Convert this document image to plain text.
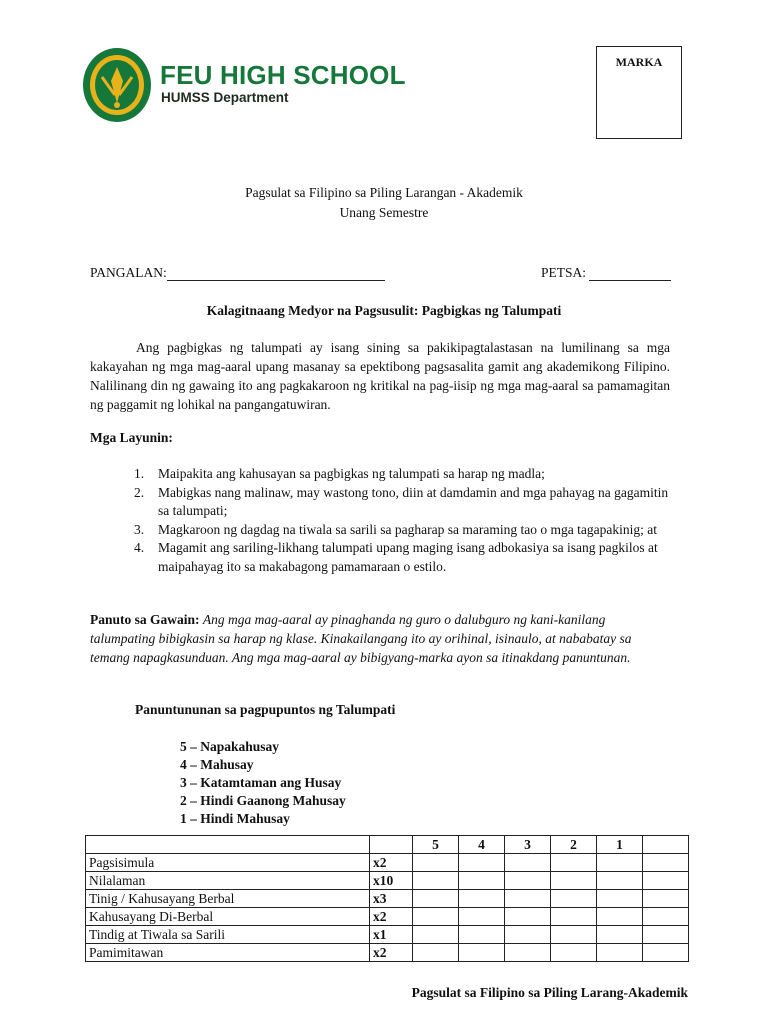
FEU HIGH SCHOOL
HUMSS Department
MARKA
Pagsulat sa Filipino sa Piling Larangan - Akademik
Unang Semestre
PANGALAN:	PETSA:
Kalagitnaang Medyor na Pagsusulit: Pagbigkas ng Talumpati
Ang pagbigkas ng talumpati ay isang sining sa pakikipagtalastasan na lumilinang sa mga kakayahan ng mga mag-aaral upang masanay sa epektibong pagsasalita gamit ang akademikong Filipino. Nalilinang din ng gawaing ito ang pagkakaroon ng kritikal na pag-iisip ng mga mag-aaral sa pamamagitan ng paggamit ng lohikal na pangangatuwiran.
Mga Layunin:
1. Maipakita ang kahusayan sa pagbigkas ng talumpati sa harap ng madla;
2. Mabigkas nang malinaw, may wastong tono, diin at damdamin and mga pahayag na gagamitin sa talumpati;
3. Magkaroon ng dagdag na tiwala sa sarili sa pagharap sa maraming tao o mga tagapakinig; at
4. Magamit ang sariling-likhang talumpati upang maging isang adbokasiya sa isang pagkilos at maipahayag ito sa makabagong pamamaraan o estilo.
Panuto sa Gawain: Ang mga mag-aaral ay pinaghanda ng guro o dalubguro ng kani-kanilang talumpating bibigkasin sa harap ng klase. Kinakailangang ito ay orihinal, isinaulo, at nababatay sa temang napagkasunduan. Ang mga mag-aaral ay bibigyang-marka ayon sa itinakdang panuntunan.
Panuntununan sa pagpupuntos ng Talumpati
5 – Napakahusay
4 – Mahusay
3 – Katamtaman ang Husay
2 – Hindi Gaanong Mahusay
1 – Hindi Mahusay
		5	4	3	2	1	
Pagsisimula	x2						
Nilalaman	x10						
Tinig / Kahusayang Berbal	x3						
Kahusayang Di-Berbal	x2						
Tindig at Tiwala sa Sarili	x1						
Pamimitawan	x2						
Pagsulat sa Filipino sa Piling Larang-Akademik
